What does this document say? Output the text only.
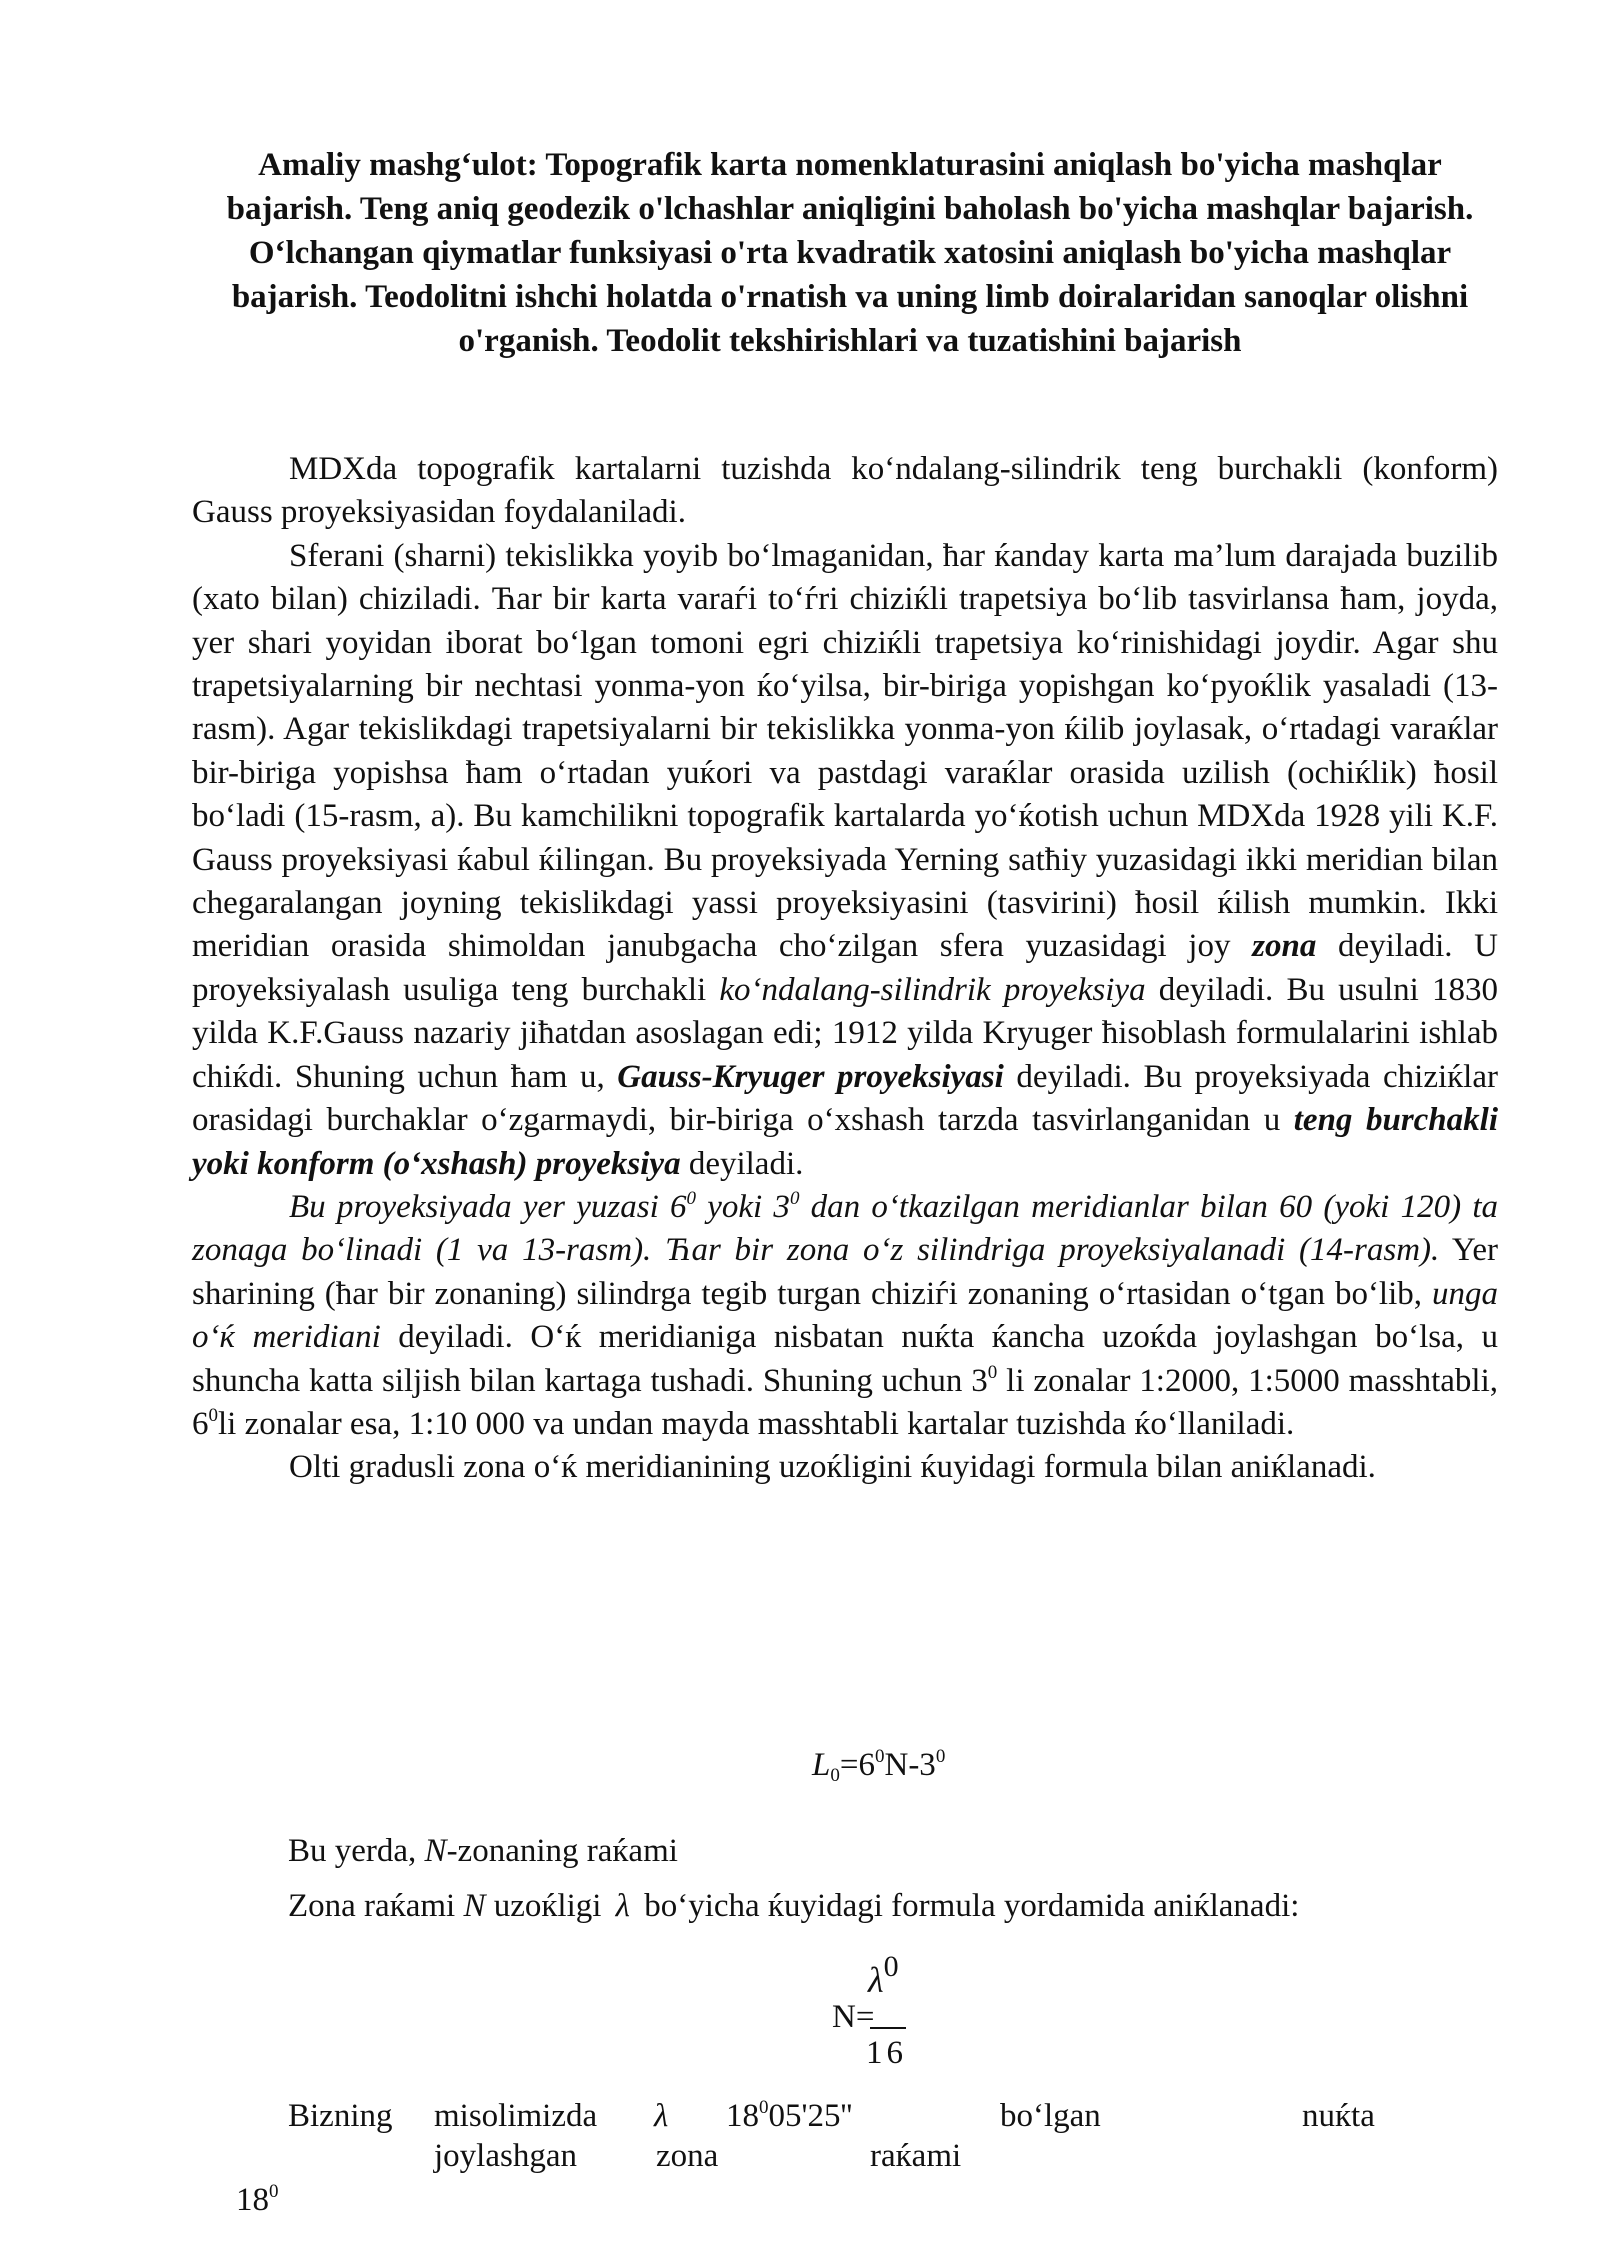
Amaliy mashg‘ulot: Topografik karta nomenklaturasini aniqlash bo'yicha mashqlar bajarish. Teng aniq geodezik o'lchashlar aniqligini baholash bo'yicha mashqlar bajarish. O‘lchangan qiymatlar funksiyasi o'rta kvadratik xatosini aniqlash bo'yicha mashqlar bajarish. Teodolitni ishchi holatda o'rnatish va uning limb doiralaridan sanoqlar olishni o'rganish. Teodolit tekshirishlari va tuzatishini bajarish

MDXda topografik kartalarni tuzishda ko‘ndalang-silindrik teng burchakli (konform) Gauss proyeksiyasidan foydalaniladi.

Sferani (sharni) tekislikka yoyib bo‘lmaganidan, ħar ќanday karta ma’lum darajada buzilib (xato bilan) chiziladi. Ћar bir karta varaѓi to‘ѓri chiziќli trapetsiya bo‘lib tasvirlansa ħam, joyda, yer shari yoyidan iborat bo‘lgan tomoni egri chiziќli trapetsiya ko‘rinishidagi joydir. Agar shu trapetsiyalarning bir nechtasi yonma-yon ќo‘yilsa, bir-biriga yopishgan ko‘pyoќlik yasaladi (13-rasm). Agar tekislikdagi trapetsiyalarni bir tekislikka yonma-yon ќilib joylasak, o‘rtadagi varaќlar bir-biriga yopishsa ħam o‘rtadan yuќori va pastdagi varaќlar orasida uzilish (ochiќlik) ħosil bo‘ladi (15-rasm, a). Bu kamchilikni topografik kartalarda yo‘ќotish uchun MDXda 1928 yili K.F. Gauss proyeksiyasi ќabul ќilingan. Bu proyeksiyada Yerning satħiy yuzasidagi ikki meridian bilan chegaralangan joyning tekislikdagi yassi proyeksiyasini (tasvirini) ħosil ќilish mumkin. Ikki meridian orasida shimoldan janubgacha cho‘zilgan sfera yuzasidagi joy zona deyiladi. U proyeksiyalash usuliga teng burchakli ko‘ndalang-silindrik proyeksiya deyiladi. Bu usulni 1830 yilda K.F.Gauss nazariy jiħatdan asoslagan edi; 1912 yilda Kryuger ħisoblash formulalarini ishlab chiќdi. Shuning uchun ħam u, Gauss-Kryuger proyeksiyasi deyiladi. Bu proyeksiyada chiziќlar orasidagi burchaklar o‘zgarmaydi, bir-biriga o‘xshash tarzda tasvirlanganidan u teng burchakli yoki konform (o‘xshash) proyeksiya deyiladi.

Bu proyeksiyada yer yuzasi $6^0$ yoki $3^0$ dan o‘tkazilgan meridianlar bilan 60 (yoki 120) ta zonaga bo‘linadi (1 va 13-rasm). Ћar bir zona o‘z silindriga proyeksiyalanadi (14-rasm). Yer sharining (ħar bir zonaning) silindrga tegib turgan chiziѓi zonaning o‘rtasidan o‘tgan bo‘lib, unga o‘ќ meridiani deyiladi. O‘ќ meridianiga nisbatan nuќta ќancha uzoќda joylashgan bo‘lsa, u shuncha katta siljish bilan kartaga tushadi. Shuning uchun $3^0$ li zonalar 1:2000, 1:5000 masshtabli, $6^0li$ zonalar esa, 1:10 000 va undan mayda masshtabli kartalar tuzishda ќo‘llaniladi.

Olti gradusli zona o‘ќ meridianining uzoќligini ќuyidagi formula bilan aniќlanadi.

$L_0=6^0N-3^0$
Bu yerda, N-zonaning raќami
Zona raќami N uzoќligi λ bo‘yicha ќuyidagi formula yordamida aniќlanadi:
N=
$\lambda^0$
16
Bizning misolimizda λ $18^005'25''$	bo‘lgan	nuќta
joylashgan zona	raќami
$18^0$
